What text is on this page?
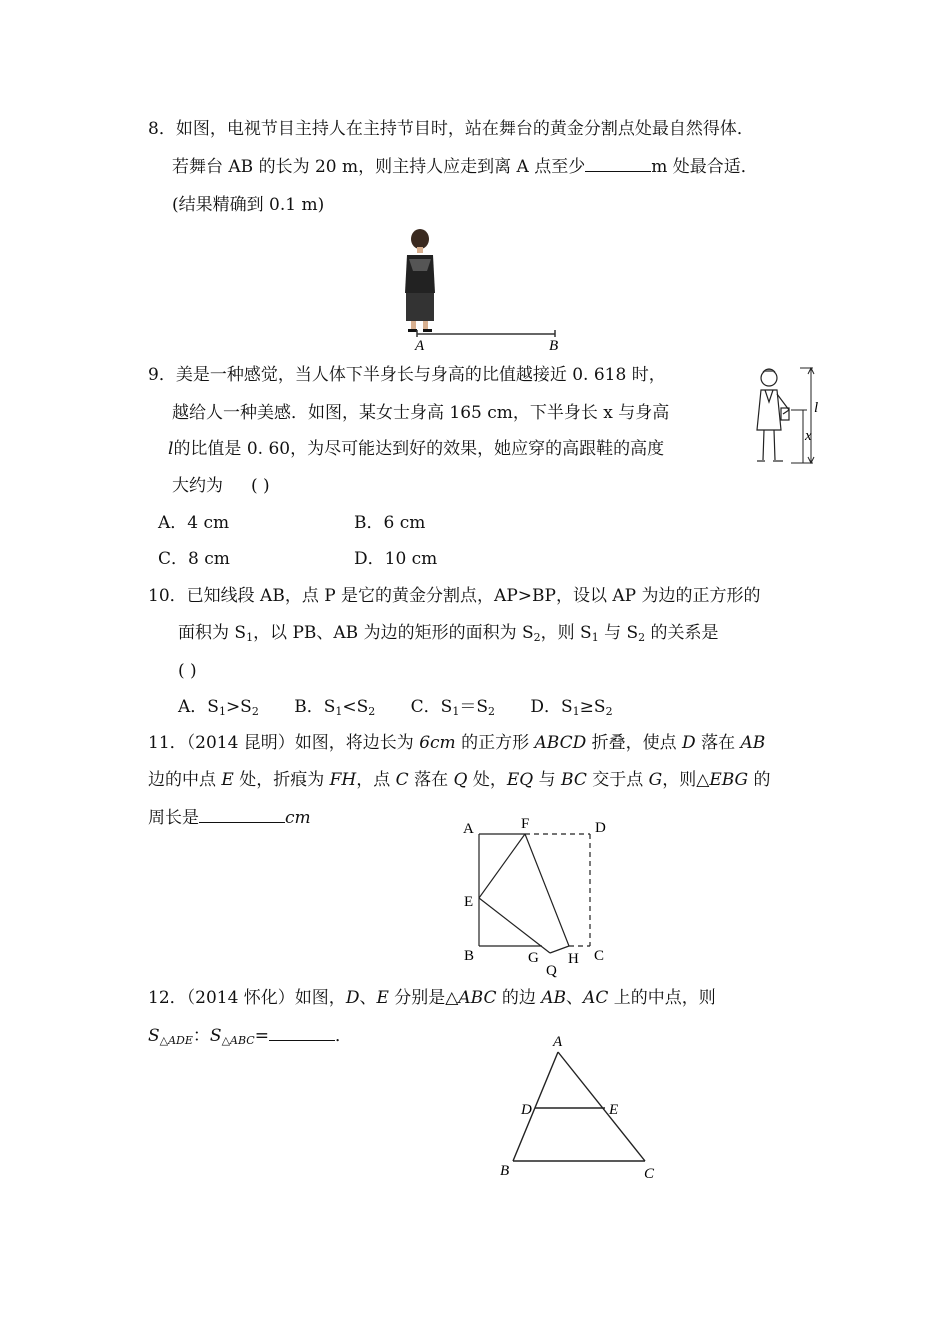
8．如图，电视节目主持人在主持节目时，站在舞台的黄金分割点处最自然得体．
若舞台 AB 的长为 20 m，则主持人应走到离 A 点至少	m 处最合适．
(结果精确到 0.1 m)
A	B
9．美是一种感觉，当人体下半身长与身高的比值越接近 0. 618 时，
越给人一种美感．如图，某女士身高 165 cm，下半身长 x 与身高
l的比值是 0. 60，为尽可能达到好的效果，她应穿的高跟鞋的高度
大约为 ( )
A．4 cm	B．6 cm
C．8 cm	D．10 cm
l
x
10．已知线段 AB，点 P 是它的黄金分割点，AP>BP，设以 AP 为边的正方形的
面积为 $S_1$，以 PB、AB 为边的矩形的面积为 $S_2$，则 $S_1$ 与 $S_2$ 的关系是
( )
A．$S_1>S_2$ B．$S_1<S_2$ C．$S_1=S_2$ D．$S_1\ge S_2$
11．（2014 昆明）如图，将边长为 6cm 的正方形 ABCD 折叠，使点 D 落在 AB
边的中点 E 处，折痕为 FH，点 C 落在 Q 处，EQ 与 BC 交于点 G，则△EBG 的
周长是	cm
A	F	D
E
B	G H C
Q
12．（2014 怀化）如图，D、E 分别是△ABC 的边 AB、AC 上的中点，则
$S_{\triangle ADE}$：$S_{\triangle ABC}=$	．	A
D	E
B	C
